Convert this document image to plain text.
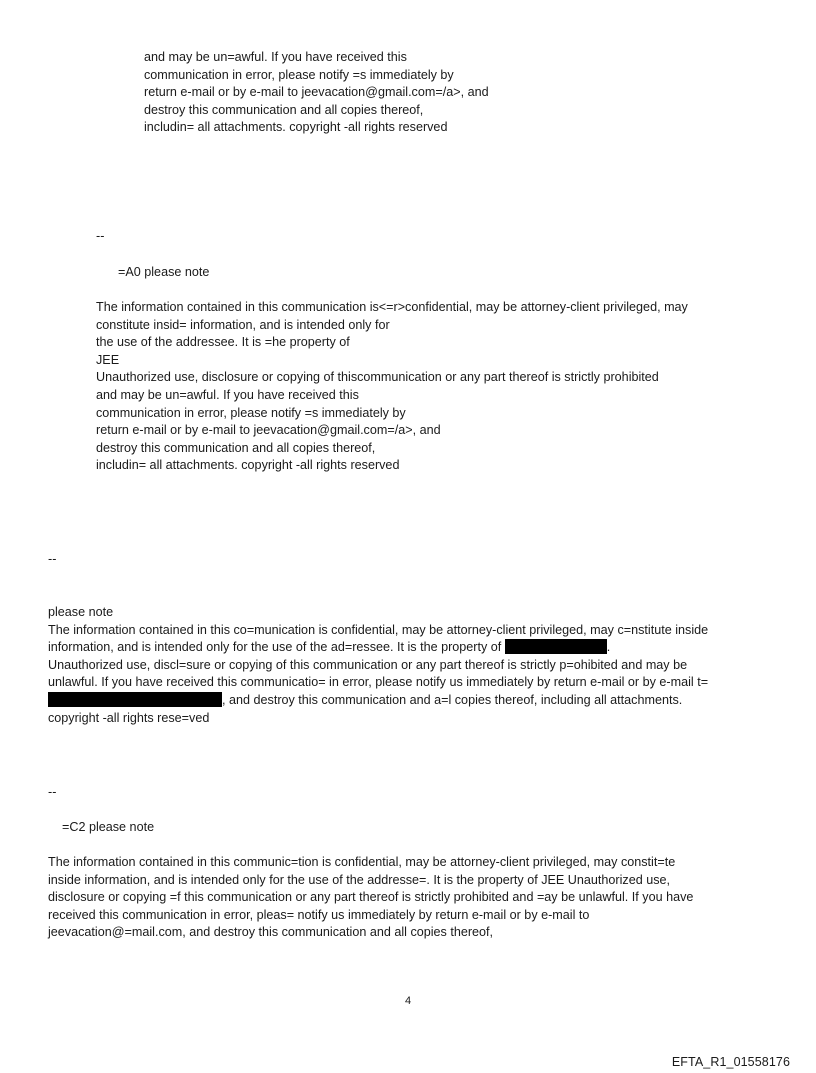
and may be un=awful. If you have received this
communication in error, please notify =s immediately by
return e-mail or by e-mail to jeevacation@gmail.com=/a>, and
destroy this communication and all copies thereof,
includin= all attachments. copyright -all rights reserved
--
=A0 please note
The information contained in this communication is<=r>confidential, may be attorney-client privileged, may
constitute insid= information, and is intended only for
the use of the addressee. It is =he property of
JEE
Unauthorized use, disclosure or copying of thiscommunication or any part thereof is strictly prohibited
and may be un=awful. If you have received this
communication in error, please notify =s immediately by
return e-mail or by e-mail to jeevacation@gmail.com=/a>, and
destroy this communication and all copies thereof,
includin= all attachments. copyright -all rights reserved
--
please note
The information contained in this co=munication is confidential, may be attorney-client privileged, may c=nstitute inside
information, and is intended only for the use of the ad=ressee. It is the property of	.
Unauthorized use, discl=sure or copying of this communication or any part thereof is strictly p=ohibited and may be
unlawful. If you have received this communicatio= in error, please notify us immediately by return e-mail or by e-mail t=
, and destroy this communication and a=l copies thereof, including all attachments.
copyright -all rights rese=ved
--
=C2 please note
The information contained in this communic=tion is confidential, may be attorney-client privileged, may constit=te
inside information, and is intended only for the use of the addresse=. It is the property of JEE Unauthorized use,
disclosure or copying =f this communication or any part thereof is strictly prohibited and =ay be unlawful. If you have
received this communication in error, pleas= notify us immediately by return e-mail or by e-mail to
jeevacation@=mail.com, and destroy this communication and all copies thereof,
4
EFTA_R1_01558176
